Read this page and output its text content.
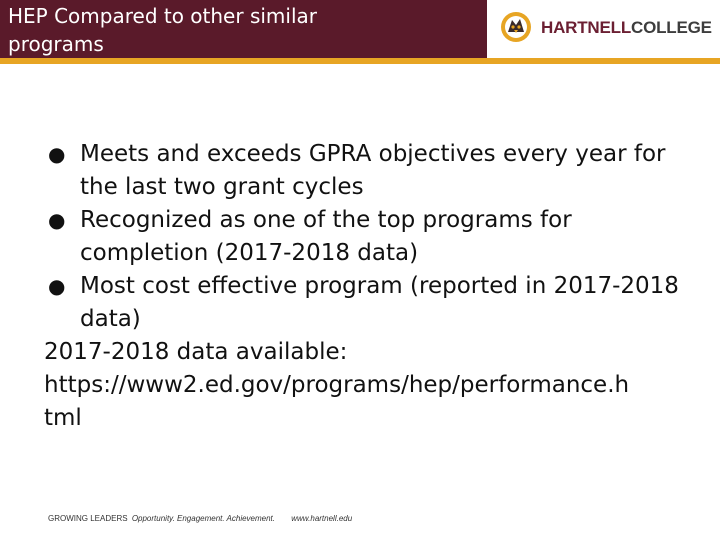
HEP Compared to other similar programs
HARTNELLCOLLEGE
● Meets and exceeds GPRA objectives every year for the last two grant cycles
● Recognized as one of the top programs for completion (2017-2018 data)
● Most cost effective program (reported in 2017-2018 data)

2017-2018 data available:

https://www2.ed.gov/programs/hep/performance.html

GROWING LEADERS Opportunity. Engagement. Achievement. www.hartnell.edu
